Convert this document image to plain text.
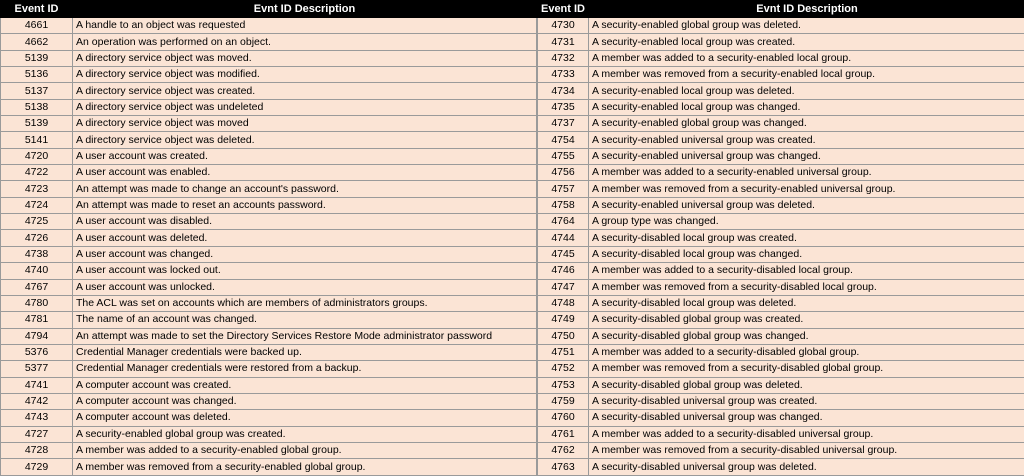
Event ID	Evnt ID Description
4661	A handle to an object was requested
4662	An operation was performed on an object.
5139	A directory service object was moved.
5136	A directory service object was modified.
5137	A directory service object was created.
5138	A directory service object was undeleted
5139	A directory service object was moved
5141	A directory service object was deleted.
4720	A user account was created.
4722	A user account was enabled.
4723	An attempt was made to change an account's password.
4724	An attempt was made to reset an accounts password.
4725	A user account was disabled.
4726	A user account was deleted.
4738	A user account was changed.
4740	A user account was locked out.
4767	A user account was unlocked.
4780	The ACL was set on accounts which are members of administrators groups.
4781	The name of an account was changed.
4794	An attempt was made to set the Directory Services Restore Mode administrator password
5376	Credential Manager credentials were backed up.
5377	Credential Manager credentials were restored from a backup.
4741	A computer account was created.
4742	A computer account was changed.
4743	A computer account was deleted.
4727	A security-enabled global group was created.
4728	A member was added to a security-enabled global group.
4729	A member was removed from a security-enabled global group.
Event ID	Evnt ID Description
4730	A security-enabled global group was deleted.
4731	A security-enabled local group was created.
4732	A member was added to a security-enabled local group.
4733	A member was removed from a security-enabled local group.
4734	A security-enabled local group was deleted.
4735	A security-enabled local group was changed.
4737	A security-enabled global group was changed.
4754	A security-enabled universal group was created.
4755	A security-enabled universal group was changed.
4756	A member was added to a security-enabled universal group.
4757	A member was removed from a security-enabled universal group.
4758	A security-enabled universal group was deleted.
4764	A group type was changed.
4744	A security-disabled local group was created.
4745	A security-disabled local group was changed.
4746	A member was added to a security-disabled local group.
4747	A member was removed from a security-disabled local group.
4748	A security-disabled local group was deleted.
4749	A security-disabled global group was created.
4750	A security-disabled global group was changed.
4751	A member was added to a security-disabled global group.
4752	A member was removed from a security-disabled global group.
4753	A security-disabled global group was deleted.
4759	A security-disabled universal group was created.
4760	A security-disabled universal group was changed.
4761	A member was added to a security-disabled universal group.
4762	A member was removed from a security-disabled universal group.
4763	A security-disabled universal group was deleted.
